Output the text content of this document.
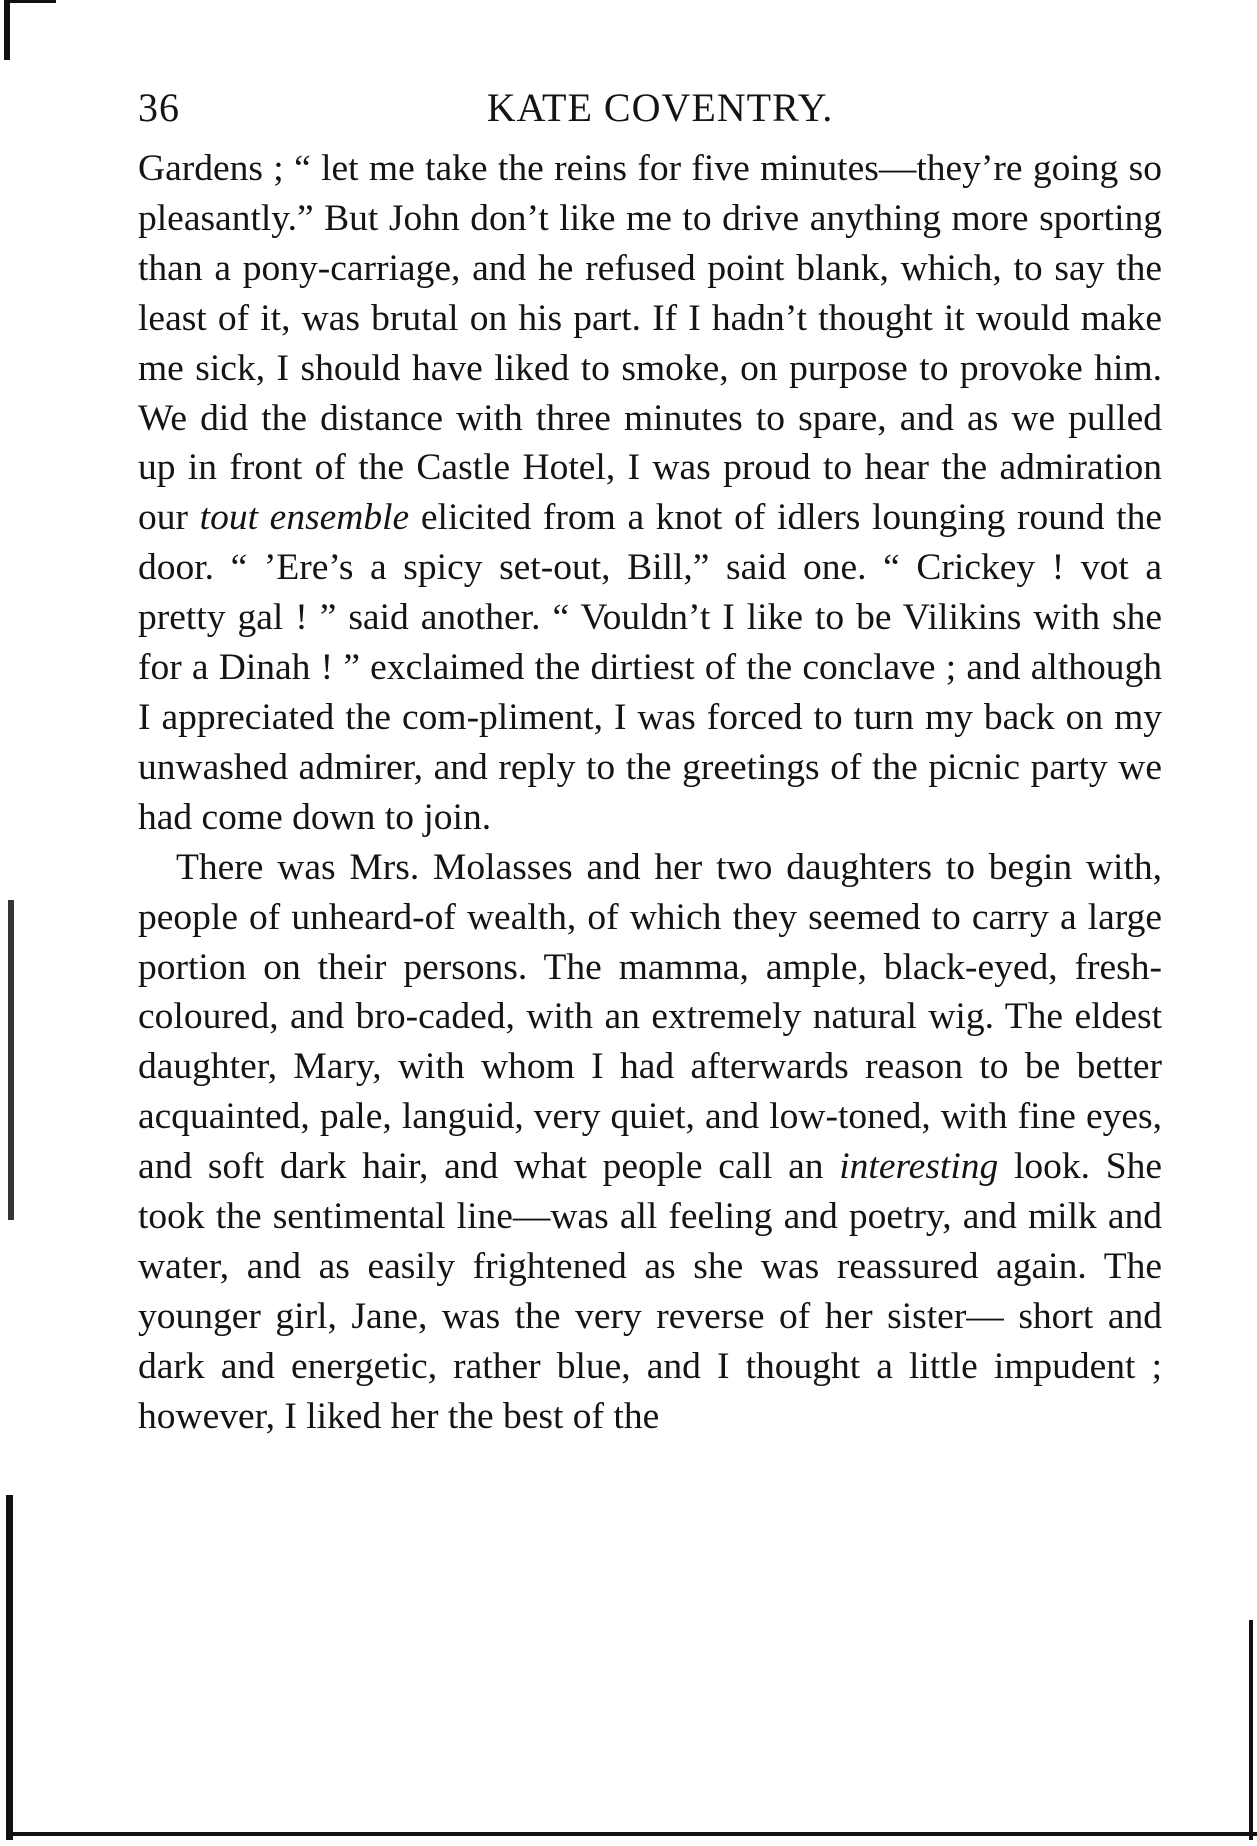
36	KATE COVENTRY.

Gardens ; “ let me take the reins for five minutes—they’re going so pleasantly.” But John don’t like me to drive anything more sporting than a pony-carriage, and he refused point blank, which, to say the least of it, was brutal on his part. If I hadn’t thought it would make me sick, I should have liked to smoke, on purpose to provoke him. We did the distance with three minutes to spare, and as we pulled up in front of the Castle Hotel, I was proud to hear the admiration our tout ensemble elicited from a knot of idlers lounging round the door. “ ’Ere’s a spicy set-out, Bill,” said one. “ Crickey ! vot a pretty gal ! ” said another. “ Vouldn’t I like to be Vilikins with she for a Dinah ! ” exclaimed the dirtiest of the conclave ; and although I appreciated the com-pliment, I was forced to turn my back on my unwashed admirer, and reply to the greetings of the picnic party we had come down to join.

There was Mrs. Molasses and her two daughters to begin with, people of unheard-of wealth, of which they seemed to carry a large portion on their persons. The mamma, ample, black-eyed, fresh-coloured, and bro-caded, with an extremely natural wig. The eldest daughter, Mary, with whom I had afterwards reason to be better acquainted, pale, languid, very quiet, and low-toned, with fine eyes, and soft dark hair, and what people call an interesting look. She took the sentimental line—was all feeling and poetry, and milk and water, and as easily frightened as she was reassured again. The younger girl, Jane, was the very reverse of her sister— short and dark and energetic, rather blue, and I thought a little impudent ; however, I liked her the best of the
